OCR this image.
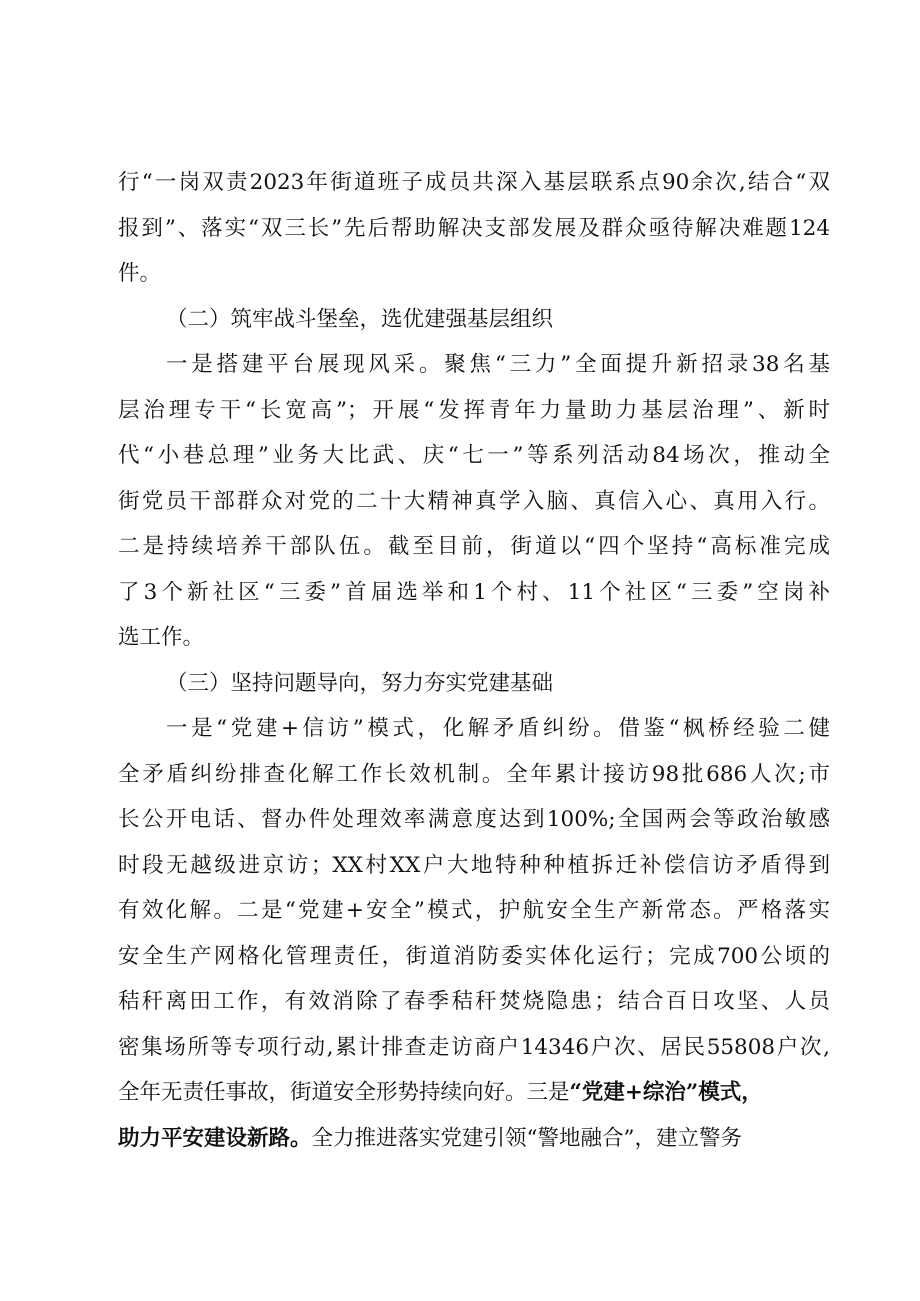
行“一岗双责2023年街道班子成员共深入基层联系点90余次,结合“双
报到”、落实“双三长”先后帮助解决支部发展及群众亟待解决难题124
件。
（二）筑牢战斗堡垒，选优建强基层组织
一是搭建平台展现风采。聚焦“三力”全面提升新招录38名基
层治理专干“长宽高”；开展“发挥青年力量助力基层治理”、新时
代“小巷总理”业务大比武、庆“七一”等系列活动84场次，推动全
街党员干部群众对党的二十大精神真学入脑、真信入心、真用入行。
二是持续培养干部队伍。截至目前，街道以“四个坚持“高标准完成
了3个新社区“三委”首届选举和1个村、11个社区“三委”空岗补
选工作。
（三）坚持问题导向，努力夯实党建基础
一是“党建+信访”模式，化解矛盾纠纷。借鉴“枫桥经验二健
全矛盾纠纷排查化解工作长效机制。全年累计接访98批686人次;市
长公开电话、督办件处理效率满意度达到100%;全国两会等政治敏感
时段无越级进京访；XX村XX户大地特种种植拆迁补偿信访矛盾得到
有效化解。二是“党建+安全”模式，护航安全生产新常态。严格落实
安全生产网格化管理责任，街道消防委实体化运行；完成700公顷的
秸秆离田工作，有效消除了春季秸秆焚烧隐患；结合百日攻坚、人员
密集场所等专项行动,累计排查走访商户14346户次、居民55808户次,
全年无责任事故，街道安全形势持续向好。三是“党建+综治”模式，
助力平安建设新路。全力推进落实党建引领“警地融合”，建立警务
